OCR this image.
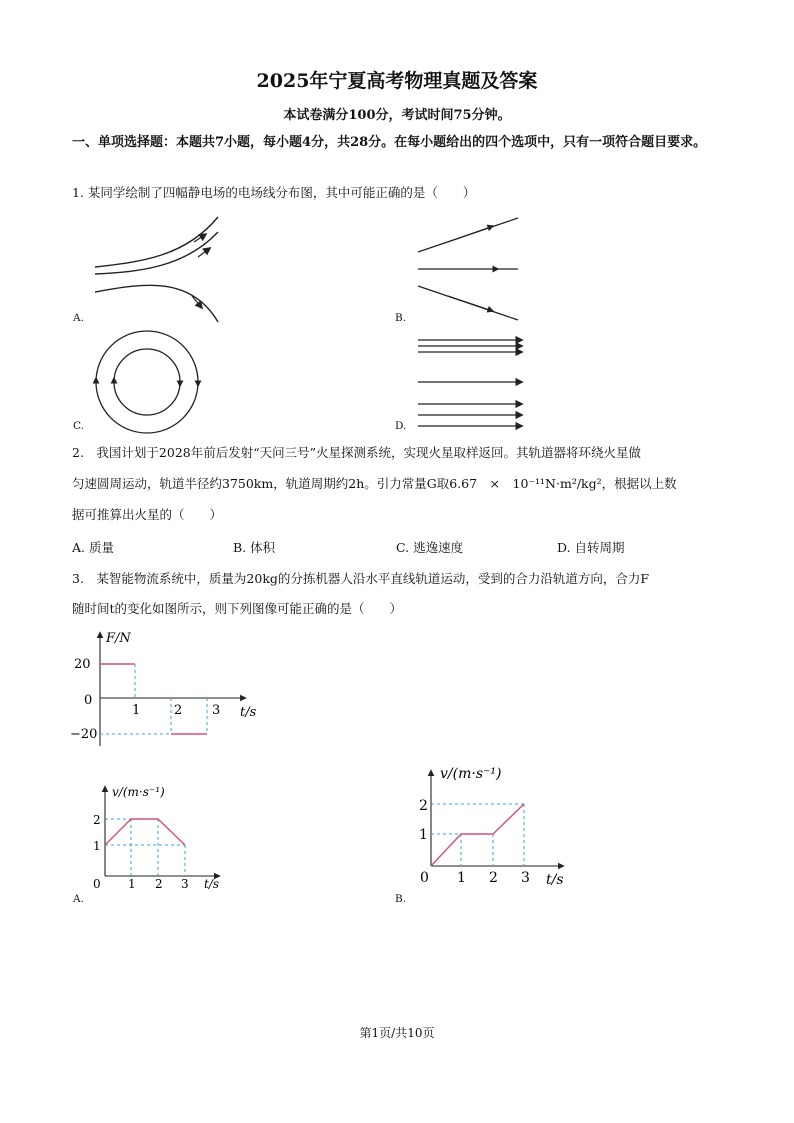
2025年宁夏高考物理真题及答案
本试卷满分100分，考试时间75分钟。
一、单项选择题：本题共7小题，每小题4分，共28分。在每小题给出的四个选项中，只有一项符合题目要求。
1. 某同学绘制了四幅静电场的电场线分布图，其中可能正确的是（　　）
A.	B.
C.	D.
2.　我国计划于2028年前后发射“天问三号”火星探测系统，实现火星取样返回。其轨道器将环绕火星做
匀速圆周运动，轨道半径约3750km，轨道周期约2h。引力常量G取6.67　×　10⁻¹¹N·m²/kg²，根据以上数
据可推算出火星的（　　）
A. 质量	B. 体积	C. 逃逸速度	D. 自转周期
3.　某智能物流系统中，质量为20kg的分拣机器人沿水平直线轨道运动，受到的合力沿轨道方向，合力F
随时间t的变化如图所示，则下列图像可能正确的是（　　）
F/N
t/s
20
0
−20
1	2 3
v/(m·s⁻¹)
t/s
0
2
1
1 2 3
A.
v/(m·s⁻¹)
t/s
0
2
1
1 2 3
B.
第1页/共10页
